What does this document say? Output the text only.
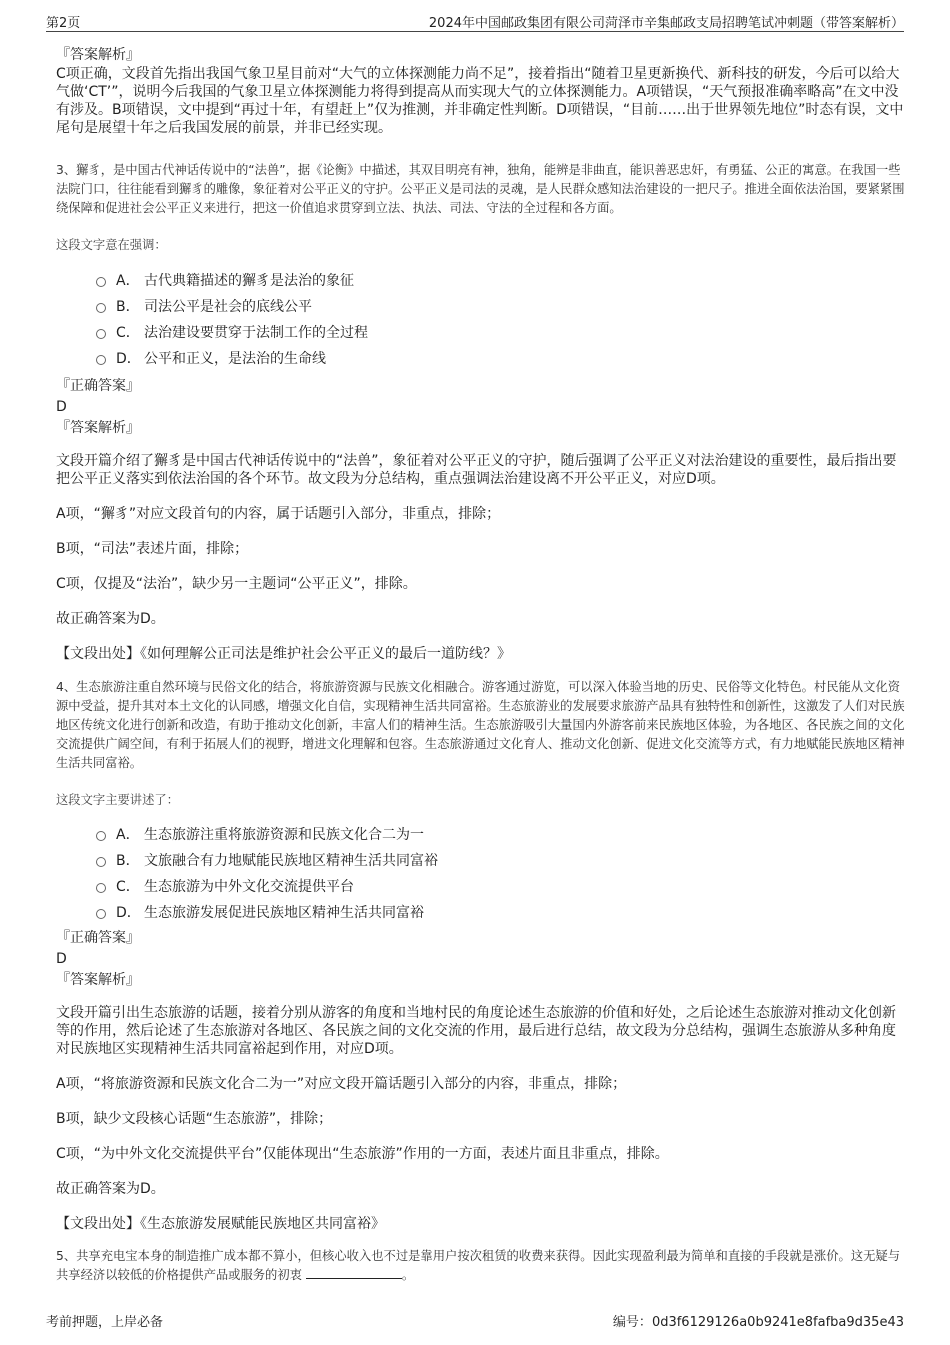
第2页	2024年中国邮政集团有限公司菏泽市辛集邮政支局招聘笔试冲刺题（带答案解析）
『答案解析』
C项正确，文段首先指出我国气象卫星目前对“大气的立体探测能力尚不足”，接着指出“随着卫星更新换代、新科技的研发，今后可以给大气做‘CT’”，说明今后我国的气象卫星立体探测能力将得到提高从而实现大气的立体探测能力。A项错误，“天气预报准确率略高”在文中没有涉及。B项错误，文中提到“再过十年，有望赶上”仅为推测，并非确定性判断。D项错误，“目前……出于世界领先地位”时态有误，文中尾句是展望十年之后我国发展的前景，并非已经实现。
3、獬豸，是中国古代神话传说中的“法兽”，据《论衡》中描述，其双目明亮有神，独角，能辨是非曲直，能识善恶忠奸，有勇猛、公正的寓意。在我国一些法院门口，往往能看到獬豸的雕像，象征着对公平正义的守护。公平正义是司法的灵魂，是人民群众感知法治建设的一把尺子。推进全面依法治国，要紧紧围绕保障和促进社会公平正义来进行，把这一价值追求贯穿到立法、执法、司法、守法的全过程和各方面。
这段文字意在强调：
A． 古代典籍描述的獬豸是法治的象征
B． 司法公平是社会的底线公平
C． 法治建设要贯穿于法制工作的全过程
D． 公平和正义，是法治的生命线
『正确答案』
D
『答案解析』
文段开篇介绍了獬豸是中国古代神话传说中的“法兽”，象征着对公平正义的守护，随后强调了公平正义对法治建设的重要性，最后指出要把公平正义落实到依法治国的各个环节。故文段为分总结构，重点强调法治建设离不开公平正义，对应D项。
A项，“獬豸”对应文段首句的内容，属于话题引入部分，非重点，排除；
B项，“司法”表述片面，排除；
C项，仅提及“法治”，缺少另一主题词“公平正义”，排除。
故正确答案为D。
【文段出处】《如何理解公正司法是维护社会公平正义的最后一道防线？》
4、生态旅游注重自然环境与民俗文化的结合，将旅游资源与民族文化相融合。游客通过游览，可以深入体验当地的历史、民俗等文化特色。村民能从文化资源中受益，提升其对本土文化的认同感，增强文化自信，实现精神生活共同富裕。生态旅游业的发展要求旅游产品具有独特性和创新性，这激发了人们对民族地区传统文化进行创新和改造，有助于推动文化创新，丰富人们的精神生活。生态旅游吸引大量国内外游客前来民族地区体验，为各地区、各民族之间的文化交流提供广阔空间，有利于拓展人们的视野，增进文化理解和包容。生态旅游通过文化育人、推动文化创新、促进文化交流等方式，有力地赋能民族地区精神生活共同富裕。
这段文字主要讲述了：
A． 生态旅游注重将旅游资源和民族文化合二为一
B． 文旅融合有力地赋能民族地区精神生活共同富裕
C． 生态旅游为中外文化交流提供平台
D． 生态旅游发展促进民族地区精神生活共同富裕
『正确答案』
D
『答案解析』
文段开篇引出生态旅游的话题，接着分别从游客的角度和当地村民的角度论述生态旅游的价值和好处，之后论述生态旅游对推动文化创新等的作用，然后论述了生态旅游对各地区、各民族之间的文化交流的作用，最后进行总结，故文段为分总结构，强调生态旅游从多种角度对民族地区实现精神生活共同富裕起到作用，对应D项。
A项，“将旅游资源和民族文化合二为一”对应文段开篇话题引入部分的内容，非重点，排除；
B项，缺少文段核心话题“生态旅游”，排除；
C项，“为中外文化交流提供平台”仅能体现出“生态旅游”作用的一方面，表述片面且非重点，排除。
故正确答案为D。
【文段出处】《生态旅游发展赋能民族地区共同富裕》
5、共享充电宝本身的制造推广成本都不算小，但核心收入也不过是靠用户按次租赁的收费来获得。因此实现盈利最为简单和直接的手段就是涨价。这无疑与共享经济以较低的价格提供产品或服务的初衷	。
考前押题，上岸必备	编号：0d3f6129126a0b9241e8fafba9d35e43
